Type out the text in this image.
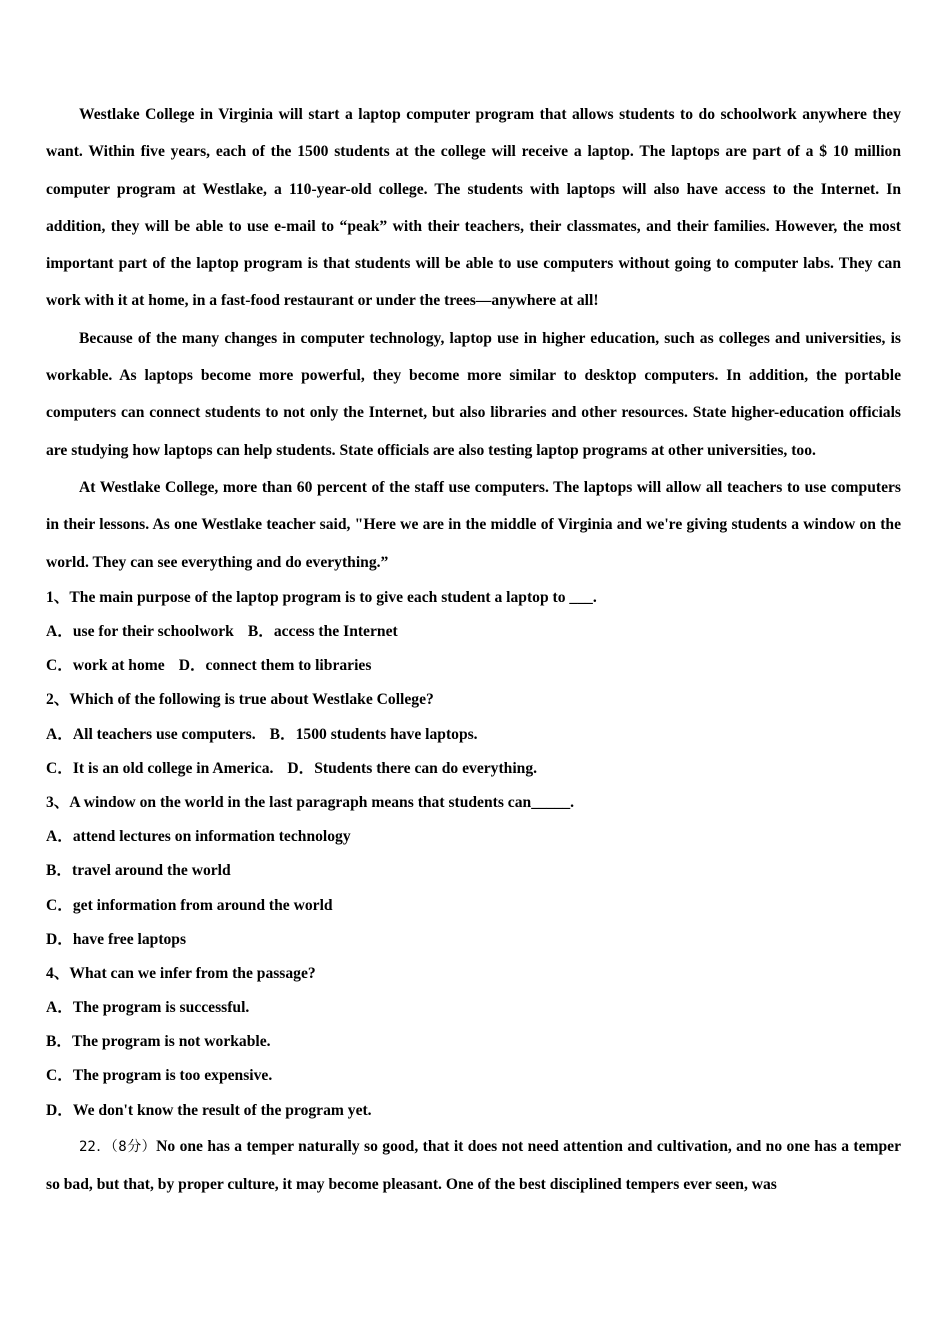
Westlake College in Virginia will start a laptop computer program that allows students to do schoolwork anywhere they want. Within five years, each of the 1500 students at the college will receive a laptop. The laptops are part of a $ 10 million computer program at Westlake, a 110-year-old college. The students with laptops will also have access to the Internet. In addition, they will be able to use e-mail to “peak” with their teachers, their classmates, and their families. However, the most important part of the laptop program is that students will be able to use computers without going to computer labs. They can work with it at home, in a fast-food restaurant or under the trees—anywhere at all!

Because of the many changes in computer technology, laptop use in higher education, such as colleges and universities, is workable. As laptops become more powerful, they become more similar to desktop computers. In addition, the portable computers can connect students to not only the Internet, but also libraries and other resources. State higher-education officials are studying how laptops can help students. State officials are also testing laptop programs at other universities, too.

At Westlake College, more than 60 percent of the staff use computers. The laptops will allow all teachers to use computers in their lessons. As one Westlake teacher said, "Here we are in the middle of Virginia and we're giving students a window on the world. They can see everything and do everything.”

1、The main purpose of the laptop program is to give each student a laptop to ___.

A．use for their schoolwork B．access the Internet

C．work at home D．connect them to libraries

2、Which of the following is true about Westlake College?

A．All teachers use computers. B．1500 students have laptops.

C．It is an old college in America. D．Students there can do everything.

3、A window on the world in the last paragraph means that students can_____.

A．attend lectures on information technology

B．travel around the world

C．get information from around the world

D．have free laptops

4、What can we infer from the passage?

A．The program is successful.

B．The program is not workable.

C．The program is too expensive.

D．We don't know the result of the program yet.

22．（8分）No one has a temper naturally so good, that it does not need attention and cultivation, and no one has a temper so bad, but that, by proper culture, it may become pleasant. One of the best disciplined tempers ever seen, was
